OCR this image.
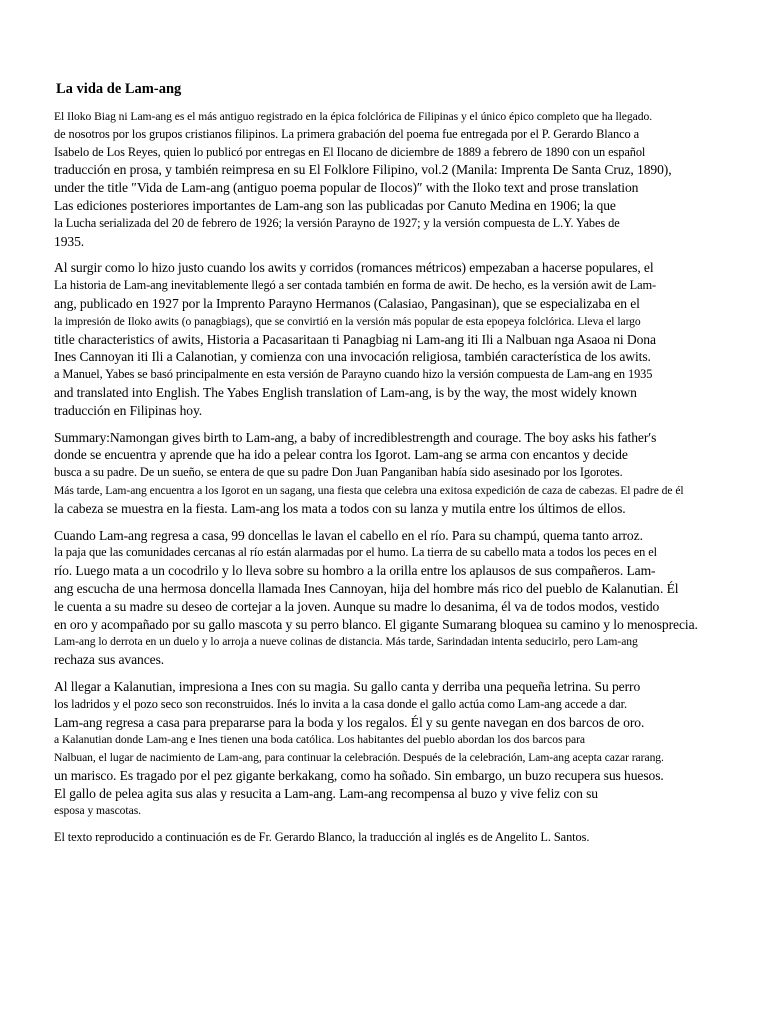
La vida de Lam-ang
El Iloko Biag ni Lam-ang es el más antiguo registrado en la épica folclórica de Filipinas y el único épico completo que ha llegado.
de nosotros por los grupos cristianos filipinos. La primera grabación del poema fue entregada por el P. Gerardo Blanco a
Isabelo de Los Reyes, quien lo publicó por entregas en El Ilocano de diciembre de 1889 a febrero de 1890 con un español
traducción en prosa, y también reimpresa en su El Folklore Filipino, vol.2 (Manila: Imprenta De Santa Cruz, 1890),
under the title ″Vida de Lam-ang (antiguo poema popular de Ilocos)″ with the Iloko text and prose translation
Las ediciones posteriores importantes de Lam-ang son las publicadas por Canuto Medina en 1906; la que
la Lucha serializada del 20 de febrero de 1926; la versión Parayno de 1927; y la versión compuesta de L.Y. Yabes de
1935.
Al surgir como lo hizo justo cuando los awits y corridos (romances métricos) empezaban a hacerse populares, el
La historia de Lam-ang inevitablemente llegó a ser contada también en forma de awit. De hecho, es la versión awit de Lam-
ang, publicado en 1927 por la Imprento Parayno Hermanos (Calasiao, Pangasinan), que se especializaba en el
la impresión de Iloko awits (o panagbiags), que se convirtió en la versión más popular de esta epopeya folclórica. Lleva el largo
title characteristics of awits, Historia a Pacasaritaan ti Panagbiag ni Lam-ang iti Ili a Nalbuan nga Asaoa ni Dona
Ines Cannoyan iti Ili a Calanotian, y comienza con una invocación religiosa, también característica de los awits.
a Manuel, Yabes se basó principalmente en esta versión de Parayno cuando hizo la versión compuesta de Lam-ang en 1935
and translated into English. The Yabes English translation of Lam-ang, is by the way, the most widely known
traducción en Filipinas hoy.
Summary:Namongan gives birth to Lam-ang, a baby of incrediblestrength and courage. The boy asks his father′s
donde se encuentra y aprende que ha ido a pelear contra los Igorot. Lam-ang se arma con encantos y decide
busca a su padre. De un sueño, se entera de que su padre Don Juan Panganiban había sido asesinado por los Igorotes.
Más tarde, Lam-ang encuentra a los Igorot en un sagang, una fiesta que celebra una exitosa expedición de caza de cabezas. El padre de él
la cabeza se muestra en la fiesta. Lam-ang los mata a todos con su lanza y mutila entre los últimos de ellos.
Cuando Lam-ang regresa a casa, 99 doncellas le lavan el cabello en el río. Para su champú, quema tanto arroz.
la paja que las comunidades cercanas al río están alarmadas por el humo. La tierra de su cabello mata a todos los peces en el
río. Luego mata a un cocodrilo y lo lleva sobre su hombro a la orilla entre los aplausos de sus compañeros. Lam-
ang escucha de una hermosa doncella llamada Ines Cannoyan, hija del hombre más rico del pueblo de Kalanutian. Él
le cuenta a su madre su deseo de cortejar a la joven. Aunque su madre lo desanima, él va de todos modos, vestido
en oro y acompañado por su gallo mascota y su perro blanco. El gigante Sumarang bloquea su camino y lo menosprecia.
Lam-ang lo derrota en un duelo y lo arroja a nueve colinas de distancia. Más tarde, Sarindadan intenta seducirlo, pero Lam-ang
rechaza sus avances.
Al llegar a Kalanutian, impresiona a Ines con su magia. Su gallo canta y derriba una pequeña letrina. Su perro
los ladridos y el pozo seco son reconstruidos. Inés lo invita a la casa donde el gallo actúa como Lam-ang accede a dar.
Lam-ang regresa a casa para prepararse para la boda y los regalos. Él y su gente navegan en dos barcos de oro.
a Kalanutian donde Lam-ang e Ines tienen una boda católica. Los habitantes del pueblo abordan los dos barcos para
Nalbuan, el lugar de nacimiento de Lam-ang, para continuar la celebración. Después de la celebración, Lam-ang acepta cazar rarang.
un marisco. Es tragado por el pez gigante berkakang, como ha soñado. Sin embargo, un buzo recupera sus huesos.
El gallo de pelea agita sus alas y resucita a Lam-ang. Lam-ang recompensa al buzo y vive feliz con su
esposa y mascotas.
El texto reproducido a continuación es de Fr. Gerardo Blanco, la traducción al inglés es de Angelito L. Santos.
